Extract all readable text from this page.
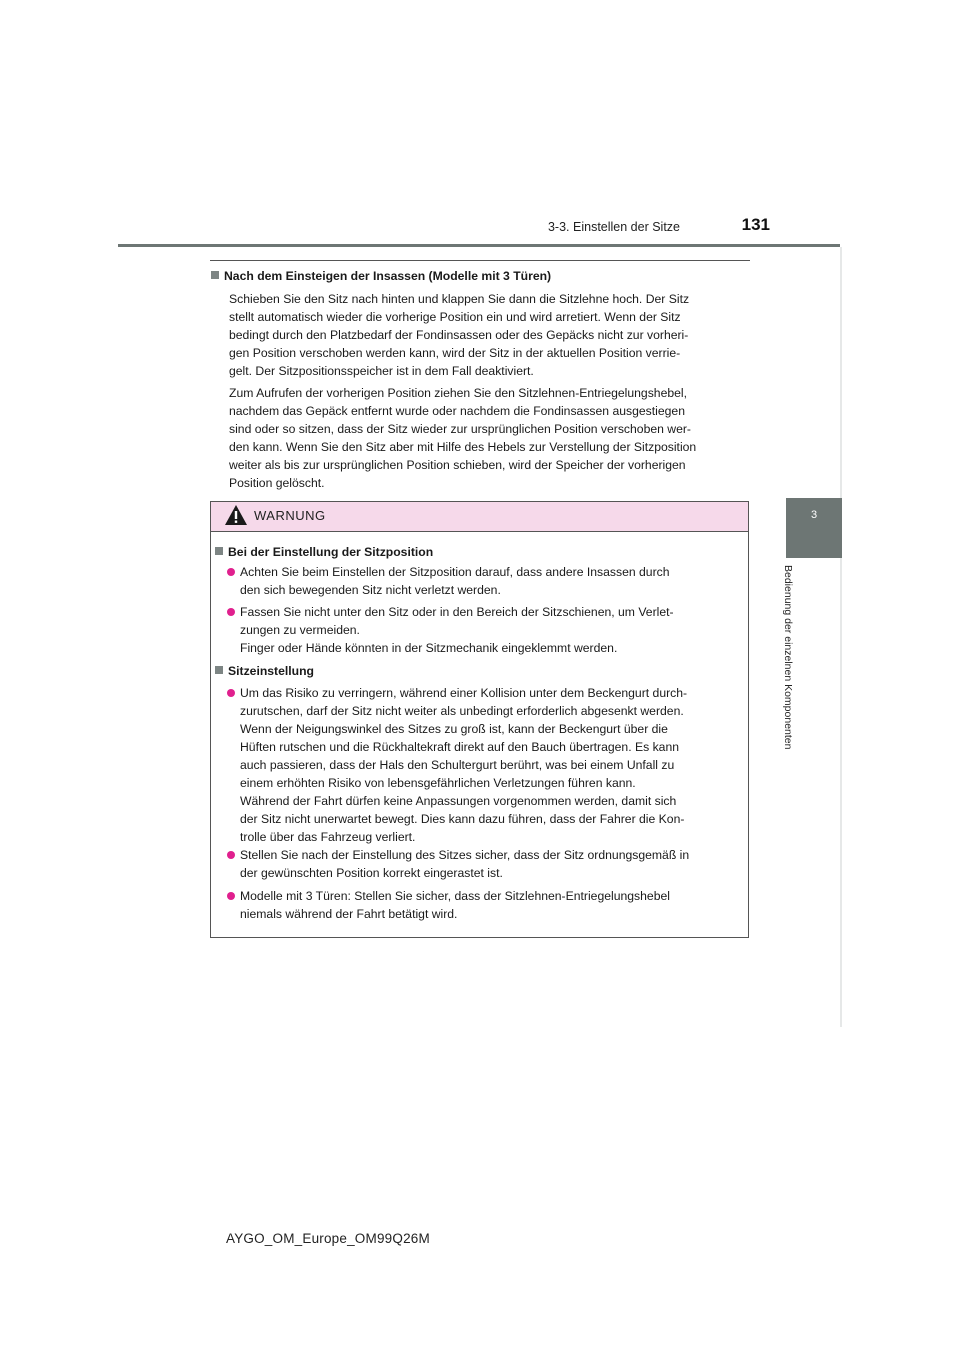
3-3. Einstellen der Sitze	131
3
Bedienung der einzelnen Komponenten
Nach dem Einsteigen der Insassen (Modelle mit 3 Türen)
Schieben Sie den Sitz nach hinten und klappen Sie dann die Sitzlehne hoch. Der Sitz
stellt automatisch wieder die vorherige Position ein und wird arretiert. Wenn der Sitz
bedingt durch den Platzbedarf der Fondinsassen oder des Gepäcks nicht zur vorheri-
gen Position verschoben werden kann, wird der Sitz in der aktuellen Position verrie-
gelt. Der Sitzpositionsspeicher ist in dem Fall deaktiviert.
Zum Aufrufen der vorherigen Position ziehen Sie den Sitzlehnen-Entriegelungshebel,
nachdem das Gepäck entfernt wurde oder nachdem die Fondinsassen ausgestiegen
sind oder so sitzen, dass der Sitz wieder zur ursprünglichen Position verschoben wer-
den kann. Wenn Sie den Sitz aber mit Hilfe des Hebels zur Verstellung der Sitzposition
weiter als bis zur ursprünglichen Position schieben, wird der Speicher der vorherigen
Position gelöscht.
WARNUNG
Bei der Einstellung der Sitzposition
Achten Sie beim Einstellen der Sitzposition darauf, dass andere Insassen durch
den sich bewegenden Sitz nicht verletzt werden.
Fassen Sie nicht unter den Sitz oder in den Bereich der Sitzschienen, um Verlet-
zungen zu vermeiden.
Finger oder Hände könnten in der Sitzmechanik eingeklemmt werden.
Sitzeinstellung
Um das Risiko zu verringern, während einer Kollision unter dem Beckengurt durch-
zurutschen, darf der Sitz nicht weiter als unbedingt erforderlich abgesenkt werden.
Wenn der Neigungswinkel des Sitzes zu groß ist, kann der Beckengurt über die
Hüften rutschen und die Rückhaltekraft direkt auf den Bauch übertragen. Es kann
auch passieren, dass der Hals den Schultergurt berührt, was bei einem Unfall zu
einem erhöhten Risiko von lebensgefährlichen Verletzungen führen kann.
Während der Fahrt dürfen keine Anpassungen vorgenommen werden, damit sich
der Sitz nicht unerwartet bewegt. Dies kann dazu führen, dass der Fahrer die Kon-
trolle über das Fahrzeug verliert.
Stellen Sie nach der Einstellung des Sitzes sicher, dass der Sitz ordnungsgemäß in
der gewünschten Position korrekt eingerastet ist.
Modelle mit 3 Türen: Stellen Sie sicher, dass der Sitzlehnen-Entriegelungshebel
niemals während der Fahrt betätigt wird.
AYGO_OM_Europe_OM99Q26M
